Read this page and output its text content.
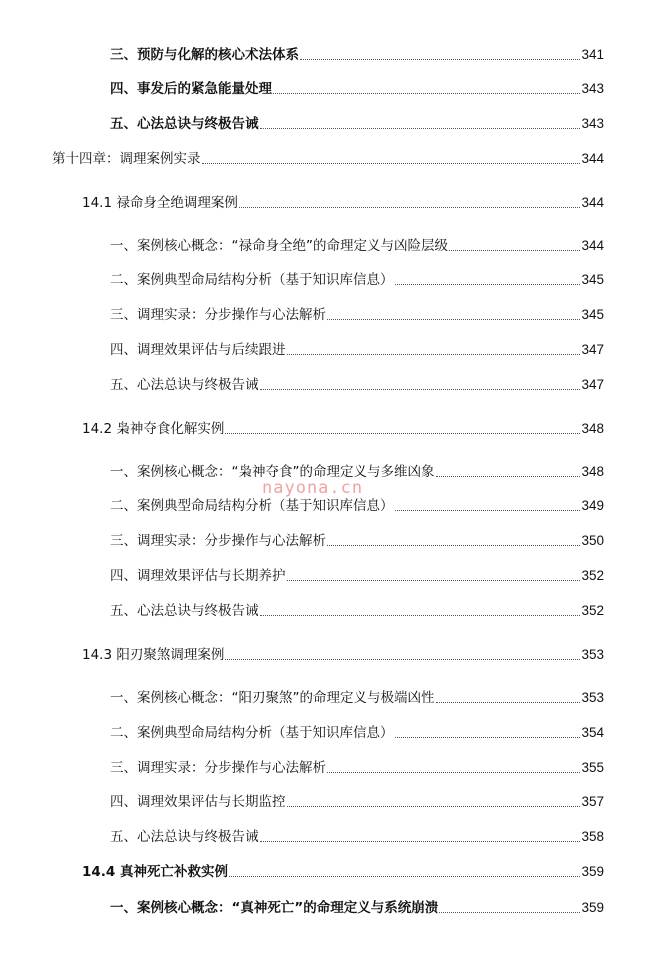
三、预防与化解的核心术法体系	341
四、事发后的紧急能量处理	343
五、心法总诀与终极告诫	343
第十四章：调理案例实录	344
14.1 禄命身全绝调理案例	344
一、案例核心概念：“禄命身全绝”的命理定义与凶险层级	344
二、案例典型命局结构分析（基于知识库信息）	345
三、调理实录：分步操作与心法解析	345
四、调理效果评估与后续跟进	347
五、心法总诀与终极告诫	347
14.2 枭神夺食化解实例	348
一、案例核心概念：“枭神夺食”的命理定义与多维凶象	348
二、案例典型命局结构分析（基于知识库信息）	349
三、调理实录：分步操作与心法解析	350
四、调理效果评估与长期养护	352
五、心法总诀与终极告诫	352
14.3 阳刃聚煞调理案例	353
一、案例核心概念：“阳刃聚煞”的命理定义与极端凶性	353
二、案例典型命局结构分析（基于知识库信息）	354
三、调理实录：分步操作与心法解析	355
四、调理效果评估与长期监控	357
五、心法总诀与终极告诫	358
14.4 真神死亡补救实例	359
一、案例核心概念：“真神死亡”的命理定义与系统崩溃	359
nayona.cn
